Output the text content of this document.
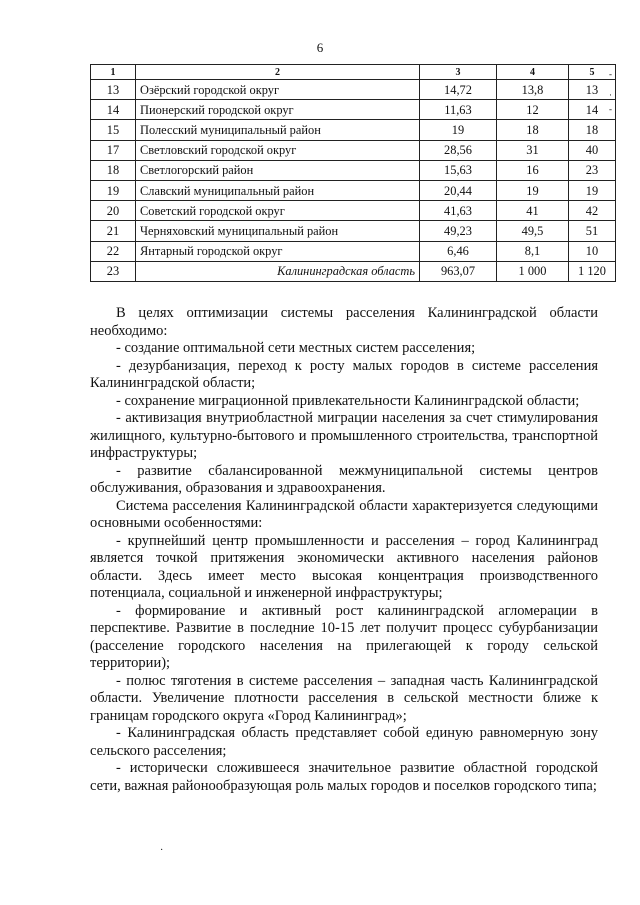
6
1	2	3	4	5
13	Озёрский городской округ	14,72	13,8	13
14	Пионерский городской округ	11,63	12	14
15	Полесский муниципальный район	19	18	18
17	Светловский городской округ	28,56	31	40
18	Светлогорский район	15,63	16	23
19	Славский муниципальный район	20,44	19	19
20	Советский городской округ	41,63	41	42
21	Черняховский муниципальный район	49,23	49,5	51
22	Янтарный городской округ	6,46	8,1	10
23	Калининградская область	963,07	1 000	1 120
-
·
-

В целях оптимизации системы расселения Калининградской области необходимо:

- создание оптимальной сети местных систем расселения;

- дезурбанизация, переход к росту малых городов в системе расселения Калининградской области;

- сохранение миграционной привлекательности Калининградской области;

- активизация внутриобластной миграции населения за счет стимулирования жилищного, культурно-бытового и промышленного строительства, транспортной инфраструктуры;

- развитие сбалансированной межмуниципальной системы центров обслуживания, образования и здравоохранения.

Система расселения Калининградской области характеризуется следующими основными особенностями:

- крупнейший центр промышленности и расселения – город Калининград является точкой притяжения экономически активного населения районов области. Здесь имеет место высокая концентрация производственного потенциала, социальной и инженерной инфраструктуры;

- формирование и активный рост калининградской агломерации в перспективе. Развитие в последние 10-15 лет получит процесс субурбанизации (расселение городского населения на прилегающей к городу сельской территории);

- полюс тяготения в системе расселения – западная часть Калининградской области. Увеличение плотности расселения в сельской местности ближе к границам городского округа «Город Калининград»;

- Калининградская область представляет собой единую равномерную зону сельского расселения;

- исторически сложившееся значительное развитие областной городской сети, важная районообразующая роль малых городов и поселков городского типа;

·
